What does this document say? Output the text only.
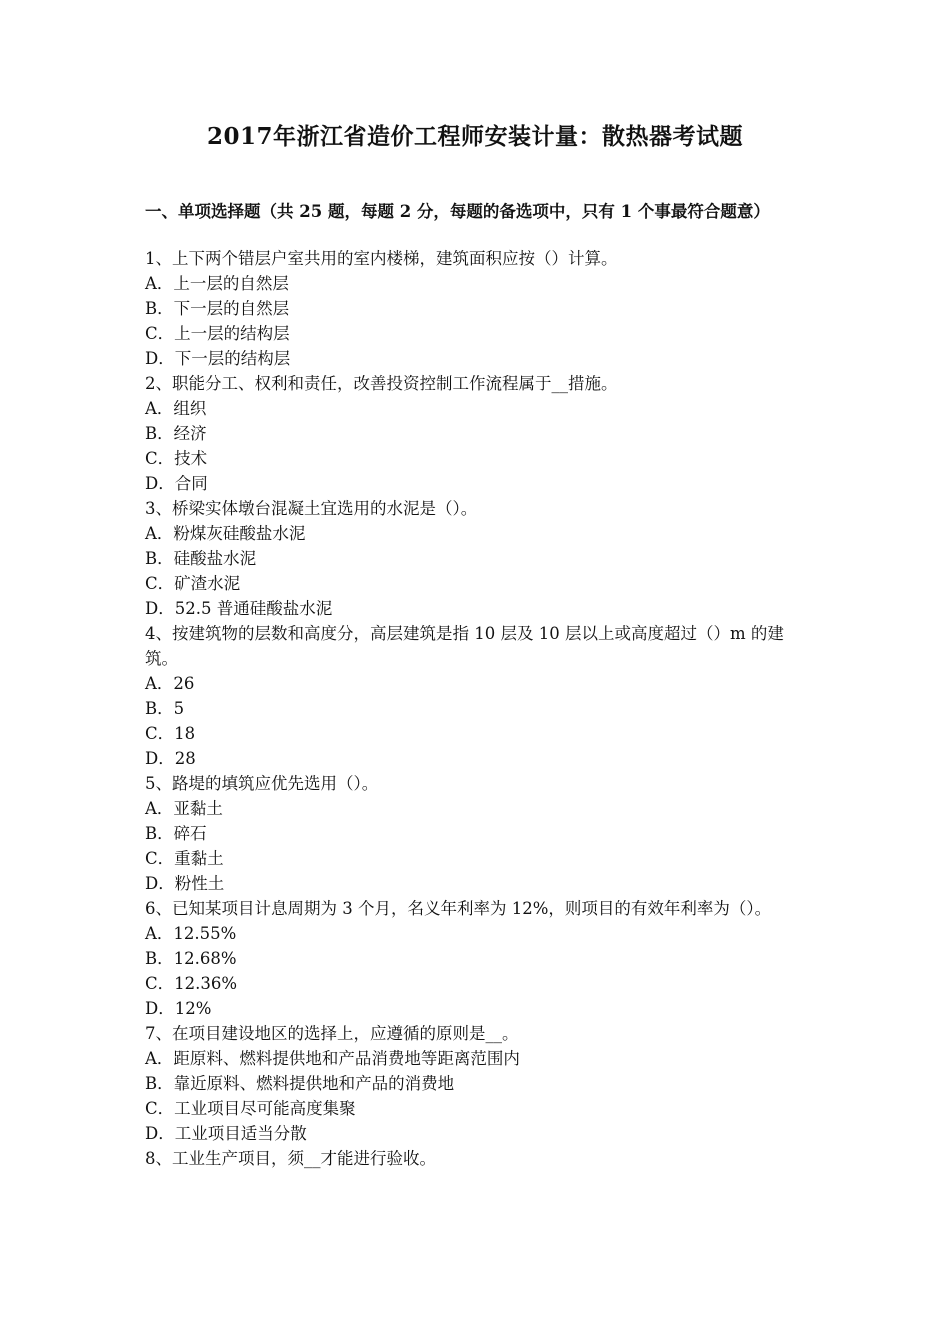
2017年浙江省造价工程师安装计量：散热器考试题
一、单项选择题（共 25 题，每题 2 分，每题的备选项中，只有 1 个事最符合题意）
1、上下两个错层户室共用的室内楼梯，建筑面积应按（）计算。
A．上一层的自然层
B．下一层的自然层
C．上一层的结构层
D．下一层的结构层
2、职能分工、权利和责任，改善投资控制工作流程属于__措施。
A．组织
B．经济
C．技术
D．合同
3、桥梁实体墩台混凝土宜选用的水泥是（）。
A．粉煤灰硅酸盐水泥
B．硅酸盐水泥
C．矿渣水泥
D．52.5 普通硅酸盐水泥
4、按建筑物的层数和高度分，高层建筑是指 10 层及 10 层以上或高度超过（）m 的建筑。
A．26
B．5
C．18
D．28
5、路堤的填筑应优先选用（）。
A．亚黏土
B．碎石
C．重黏土
D．粉性土
6、已知某项目计息周期为 3 个月，名义年利率为 12%，则项目的有效年利率为（）。
A．12.55%
B．12.68%
C．12.36%
D．12%
7、在项目建设地区的选择上，应遵循的原则是__。
A．距原料、燃料提供地和产品消费地等距离范围内
B．靠近原料、燃料提供地和产品的消费地
C．工业项目尽可能高度集聚
D．工业项目适当分散
8、工业生产项目，须__才能进行验收。
